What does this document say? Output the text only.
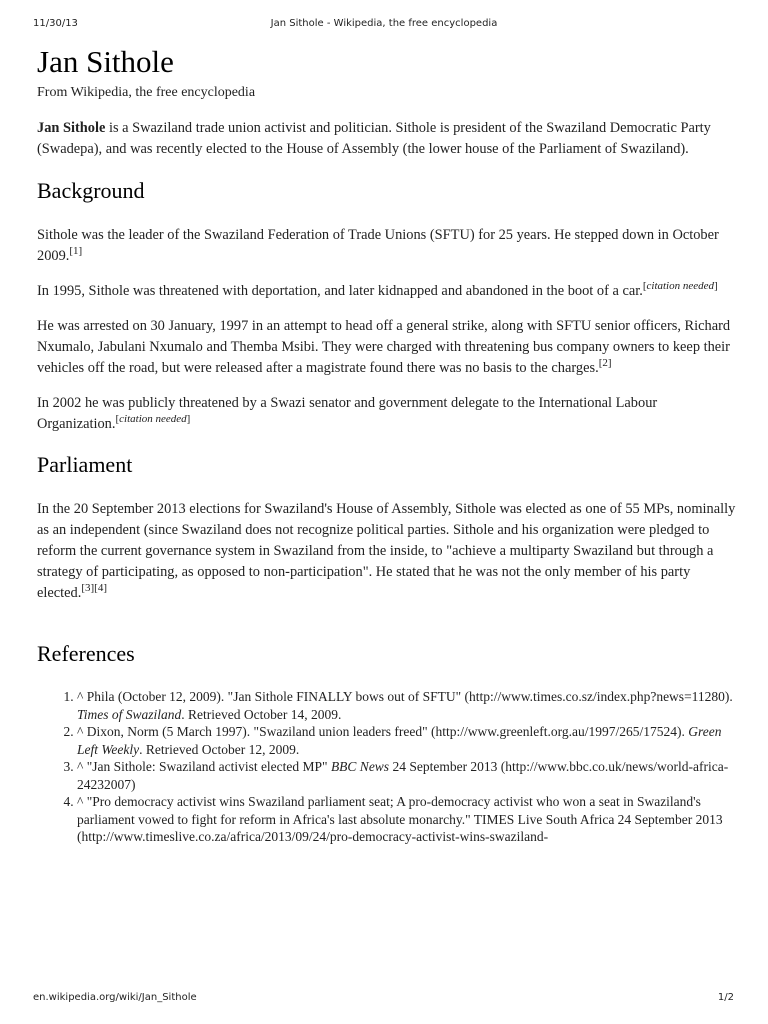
11/30/13	Jan Sithole - Wikipedia, the free encyclopedia
Jan Sithole
From Wikipedia, the free encyclopedia

Jan Sithole is a Swaziland trade union activist and politician. Sithole is president of the Swaziland Democratic Party (Swadepa), and was recently elected to the House of Assembly (the lower house of the Parliament of Swaziland).

Background

Sithole was the leader of the Swaziland Federation of Trade Unions (SFTU) for 25 years. He stepped down in October 2009.[1]

In 1995, Sithole was threatened with deportation, and later kidnapped and abandoned in the boot of a car.[citation needed]

He was arrested on 30 January, 1997 in an attempt to head off a general strike, along with SFTU senior officers, Richard Nxumalo, Jabulani Nxumalo and Themba Msibi. They were charged with threatening bus company owners to keep their vehicles off the road, but were released after a magistrate found there was no basis to the charges.[2]

In 2002 he was publicly threatened by a Swazi senator and government delegate to the International Labour Organization.[citation needed]

Parliament

In the 20 September 2013 elections for Swaziland's House of Assembly, Sithole was elected as one of 55 MPs, nominally as an independent (since Swaziland does not recognize political parties. Sithole and his organization were pledged to reform the current governance system in Swaziland from the inside, to "achieve a multiparty Swaziland but through a strategy of participating, as opposed to non-participation". He stated that he was not the only member of his party elected.[3][4]

References
1. ^ Phila (October 12, 2009). "Jan Sithole FINALLY bows out of SFTU" (http://www.times.co.sz/index.php?news=11280). Times of Swaziland. Retrieved October 14, 2009.
2. ^ Dixon, Norm (5 March 1997). "Swaziland union leaders freed" (http://www.greenleft.org.au/1997/265/17524). Green Left Weekly. Retrieved October 12, 2009.
3. ^ "Jan Sithole: Swaziland activist elected MP" BBC News 24 September 2013 (http://www.bbc.co.uk/news/world-africa-24232007)
4. ^ "Pro democracy activist wins Swaziland parliament seat; A pro-democracy activist who won a seat in Swaziland's parliament vowed to fight for reform in Africa's last absolute monarchy." TIMES Live South Africa 24 September 2013 (http://www.timeslive.co.za/africa/2013/09/24/pro-democracy-activist-wins-swaziland-
en.wikipedia.org/wiki/Jan_Sithole	1/2
